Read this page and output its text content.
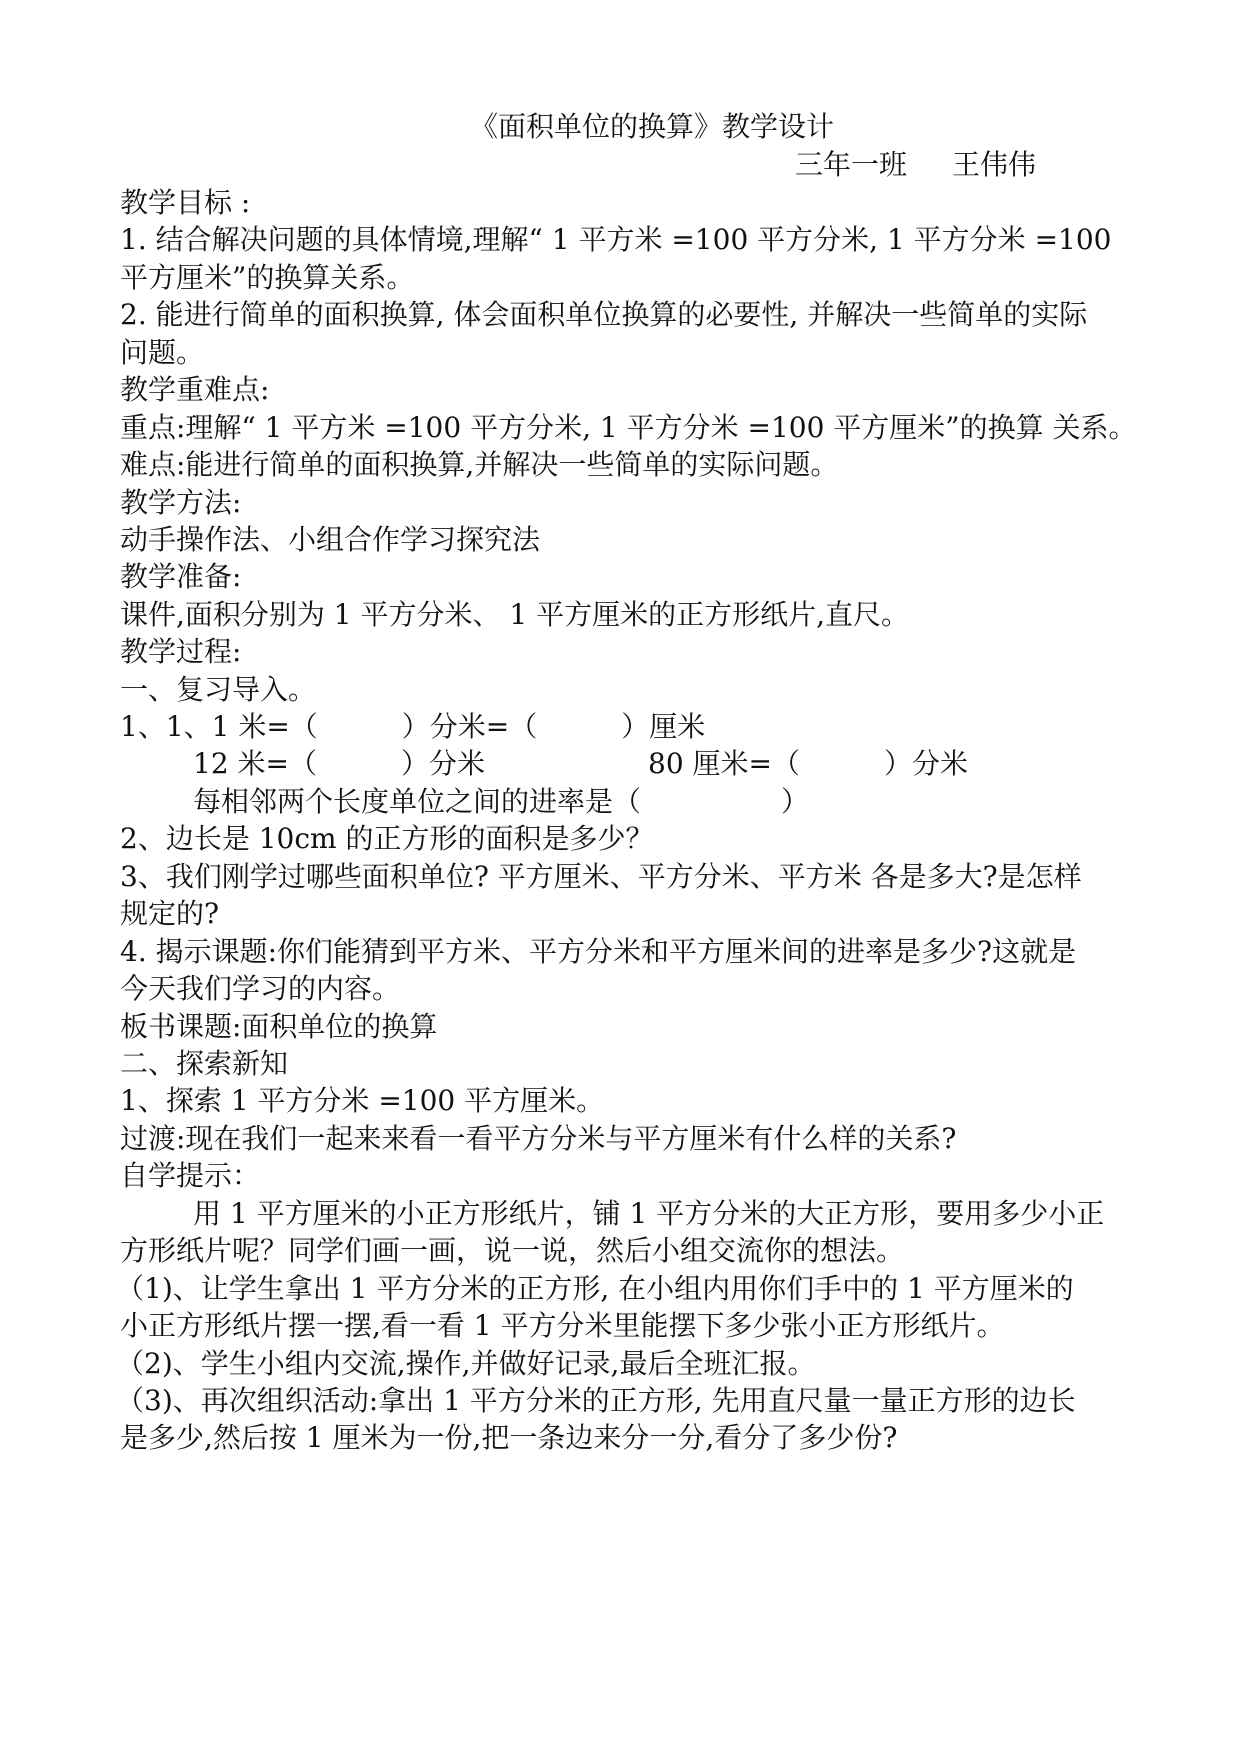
《面积单位的换算》教学设计

三年一班 王伟伟

教学目标 :

1. 结合解决问题的具体情境,理解“ 1 平方米 =100 平方分米, 1 平方分米 =100

平方厘米”的换算关系。

2. 能进行简单的面积换算, 体会面积单位换算的必要性, 并解决一些简单的实际

问题。

教学重难点:

重点:理解“ 1 平方米 =100 平方分米, 1 平方分米 =100 平方厘米”的换算 关系。

难点:能进行简单的面积换算,并解决一些简单的实际问题。

教学方法:

动手操作法、小组合作学习探究法

教学准备:

课件,面积分别为 1 平方分米、 1 平方厘米的正方形纸片,直尺。

教学过程:

一、复习导入。

1、1、1 米=（　　　）分米=（　　　）厘米

12 米=（　　　）分米	80 厘米=（　　　）分米

每相邻两个长度单位之间的进率是（　　　　　）

2、边长是 10cm 的正方形的面积是多少？

3、我们刚学过哪些面积单位? 平方厘米、平方分米、平方米 各是多大?是怎样

规定的?

4. 揭示课题:你们能猜到平方米、平方分米和平方厘米间的进率是多少?这就是

今天我们学习的内容。

板书课题:面积单位的换算

二、探索新知

1、探索 1 平方分米 =100 平方厘米。

过渡:现在我们一起来来看一看平方分米与平方厘米有什么样的关系?

自学提示：

用 1 平方厘米的小正方形纸片，铺 1 平方分米的大正方形，要用多少小正

方形纸片呢？同学们画一画，说一说，然后小组交流你的想法。

（1)、让学生拿出 1 平方分米的正方形, 在小组内用你们手中的 1 平方厘米的

小正方形纸片摆一摆,看一看 1 平方分米里能摆下多少张小正方形纸片。

（2)、学生小组内交流,操作,并做好记录,最后全班汇报。

（3)、再次组织活动:拿出 1 平方分米的正方形, 先用直尺量一量正方形的边长

是多少,然后按 1 厘米为一份,把一条边来分一分,看分了多少份?
